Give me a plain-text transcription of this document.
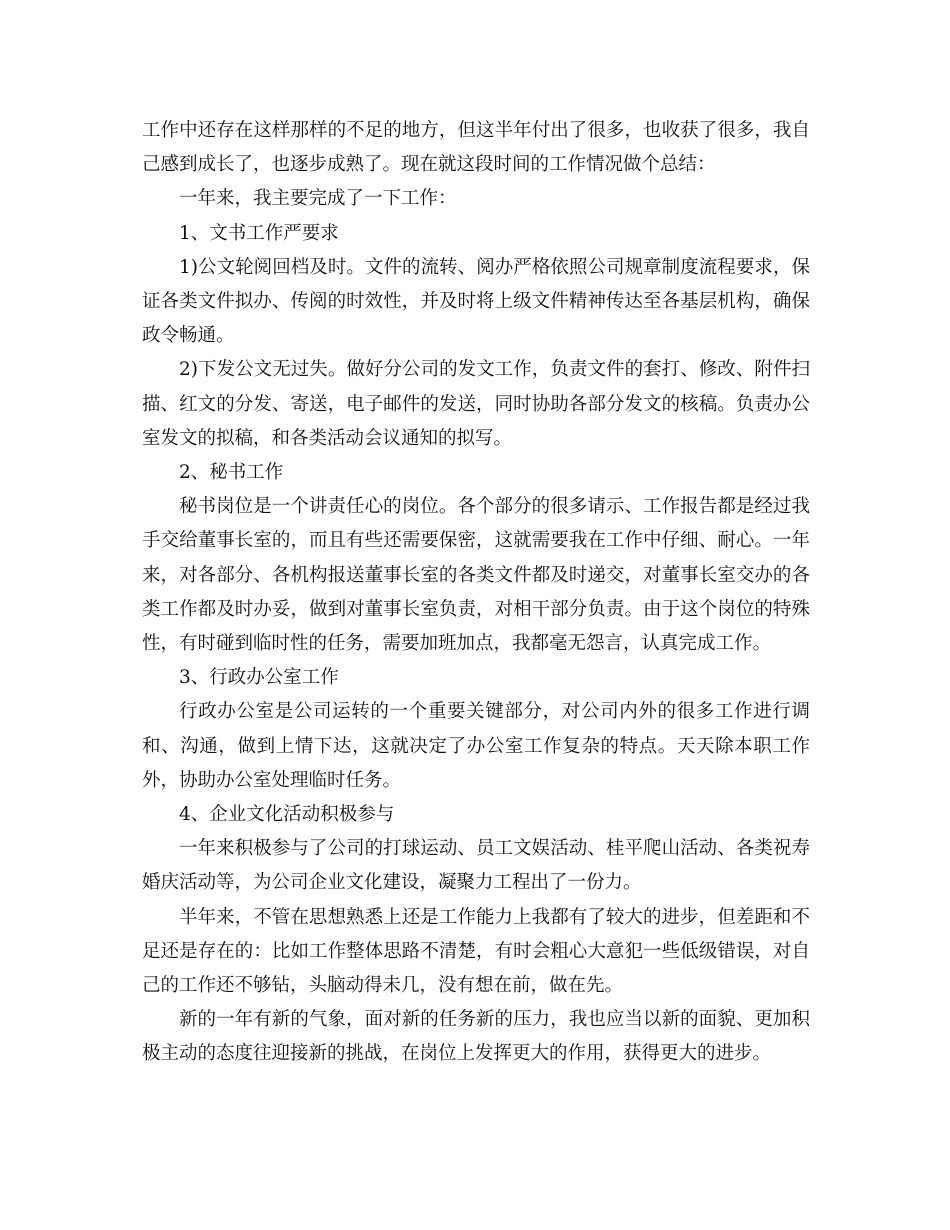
工作中还存在这样那样的不足的地方，但这半年付出了很多，也收获了很多，我自己感到成长了，也逐步成熟了。现在就这段时间的工作情况做个总结：

一年来，我主要完成了一下工作：

1、文书工作严要求

1)公文轮阅回档及时。文件的流转、阅办严格依照公司规章制度流程要求，保证各类文件拟办、传阅的时效性，并及时将上级文件精神传达至各基层机构，确保政令畅通。

2)下发公文无过失。做好分公司的发文工作，负责文件的套打、修改、附件扫描、红文的分发、寄送，电子邮件的发送，同时协助各部分发文的核稿。负责办公室发文的拟稿，和各类活动会议通知的拟写。

2、秘书工作

秘书岗位是一个讲责任心的岗位。各个部分的很多请示、工作报告都是经过我手交给董事长室的，而且有些还需要保密，这就需要我在工作中仔细、耐心。一年来，对各部分、各机构报送董事长室的各类文件都及时递交，对董事长室交办的各类工作都及时办妥，做到对董事长室负责，对相干部分负责。由于这个岗位的特殊性，有时碰到临时性的任务，需要加班加点，我都毫无怨言，认真完成工作。

3、行政办公室工作

行政办公室是公司运转的一个重要关键部分，对公司内外的很多工作进行调和、沟通，做到上情下达，这就决定了办公室工作复杂的特点。天天除本职工作外，协助办公室处理临时任务。

4、企业文化活动积极参与

一年来积极参与了公司的打球运动、员工文娱活动、桂平爬山活动、各类祝寿婚庆活动等，为公司企业文化建设，凝聚力工程出了一份力。

半年来，不管在思想熟悉上还是工作能力上我都有了较大的进步，但差距和不足还是存在的：比如工作整体思路不清楚，有时会粗心大意犯一些低级错误，对自己的工作还不够钻，头脑动得未几，没有想在前，做在先。

新的一年有新的气象，面对新的任务新的压力，我也应当以新的面貌、更加积极主动的态度往迎接新的挑战，在岗位上发挥更大的作用，获得更大的进步。
